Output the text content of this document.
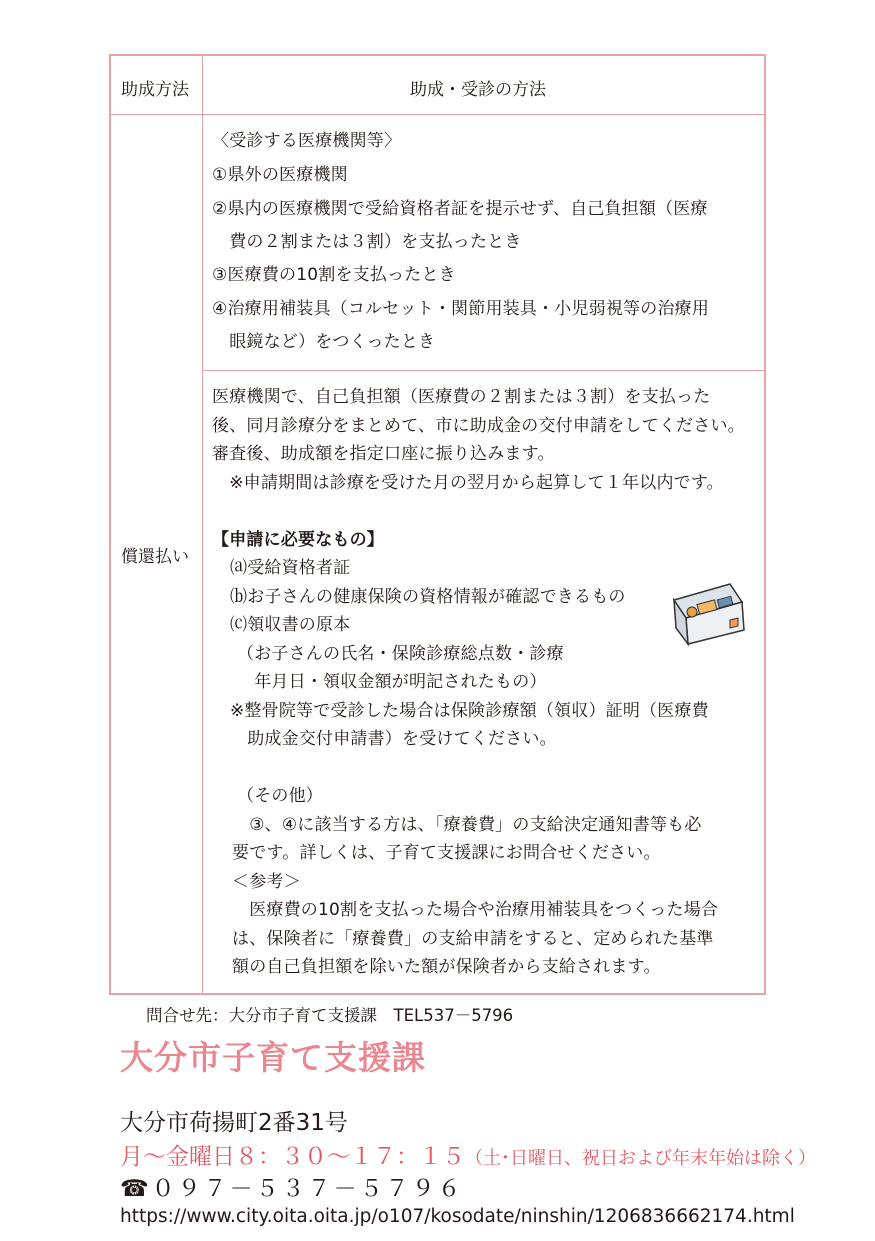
助成方法	助成・受診の方法
償還払い
〈受診する医療機関等〉
①県外の医療機関
②県内の医療機関で受給資格者証を提示せず、自己負担額（医療
　費の２割または３割）を支払ったとき
③医療費の10割を支払ったとき
④治療用補装具（コルセット・関節用装具・小児弱視等の治療用
　眼鏡など）をつくったとき
医療機関で、自己負担額（医療費の２割または３割）を支払った
後、同月診療分をまとめて、市に助成金の交付申請をしてください。
審査後、助成額を指定口座に振り込みます。
　※申請期間は診療を受けた月の翌月から起算して１年以内です。
【申請に必要なもの】
⒜受給資格者証
⒝お子さんの健康保険の資格情報が確認できるもの
⒞領収書の原本
（お子さんの氏名・保険診療総点数・診療
　年月日・領収金額が明記されたもの）
※整骨院等で受診した場合は保険診療額（領収）証明（医療費
　助成金交付申請書）を受けてください。
（その他）
　③、④に該当する方は、「療養費」の支給決定通知書等も必
要です。詳しくは、子育て支援課にお問合せください。
＜参考＞
　医療費の10割を支払った場合や治療用補装具をつくった場合
は、保険者に「療養費」の支給申請をすると、定められた基準
額の自己負担額を除いた額が保険者から支給されます。
問合せ先：大分市子育て支援課　TEL537－5796
大分市子育て支援課
大分市荷揚町2番31号
月～金曜日８：３０～１７：１５（土･日曜日、祝日および年末年始は除く）
☎０９７－５３７－５７９６
https://www.city.oita.oita.jp/o107/kosodate/ninshin/1206836662174.html
